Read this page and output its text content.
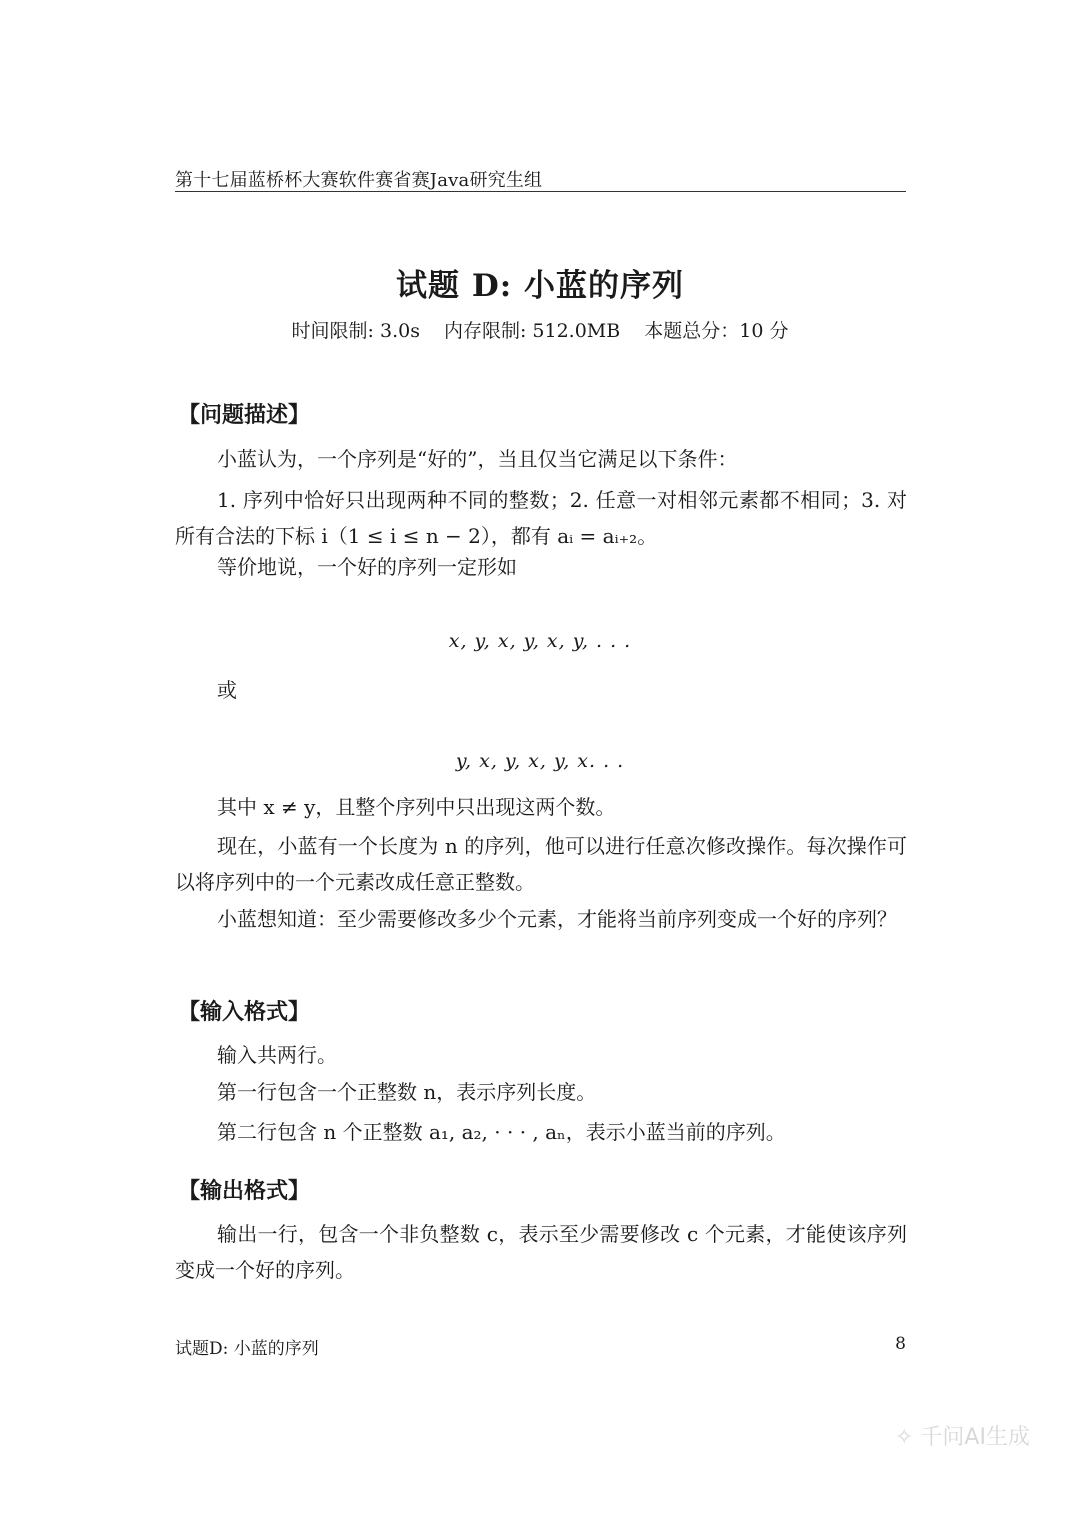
第十七届蓝桥杯大赛软件赛省赛Java研究生组
试题 D: 小蓝的序列
时间限制: 3.0s 内存限制: 512.0MB 本题总分：10 分
【问题描述】
小蓝认为，一个序列是“好的”，当且仅当它满足以下条件：
1. 序列中恰好只出现两种不同的整数；2. 任意一对相邻元素都不相同；3. 对所有合法的下标 i（1 ≤ i ≤ n − 2），都有 aᵢ = aᵢ₊₂。
等价地说，一个好的序列一定形如
x, y, x, y, x, y, . . .
或
y, x, y, x, y, x. . .
其中 x ≠ y，且整个序列中只出现这两个数。
现在，小蓝有一个长度为 n 的序列，他可以进行任意次修改操作。每次操作可以将序列中的一个元素改成任意正整数。
小蓝想知道：至少需要修改多少个元素，才能将当前序列变成一个好的序列？
【输入格式】
输入共两行。
第一行包含一个正整数 n，表示序列长度。
第二行包含 n 个正整数 a₁, a₂, · · · , aₙ，表示小蓝当前的序列。
【输出格式】
输出一行，包含一个非负整数 c，表示至少需要修改 c 个元素，才能使该序列变成一个好的序列。
试题D: 小蓝的序列	8
✧ 千问AI生成
